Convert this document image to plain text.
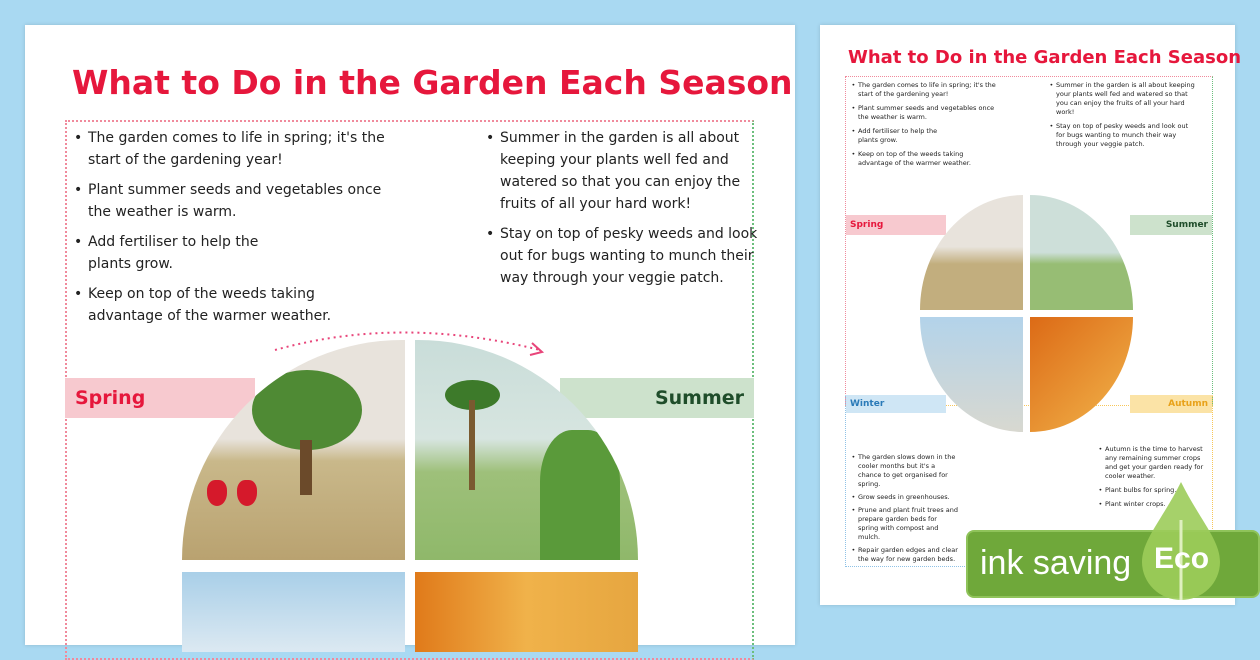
What to Do in the Garden Each Season
• The garden comes to life in spring; it's the start of the gardening year!
• Plant summer seeds and vegetables once the weather is warm.
• Add fertiliser to help the plants grow.
• Keep on top of the weeds taking advantage of the warmer weather.
• Summer in the garden is all about keeping your plants well fed and watered so that you can enjoy the fruits of all your hard work!
• Stay on top of pesky weeds and look out for bugs wanting to munch their way through your veggie patch.
Spring	Summer
What to Do in the Garden Each Season
• The garden comes to life in spring; it's the start of the gardening year!
• Plant summer seeds and vegetables once the weather is warm.
• Add fertiliser to help the plants grow.
• Keep on top of the weeds taking advantage of the warmer weather.
• Summer in the garden is all about keeping your plants well fed and watered so that you can enjoy the fruits of all your hard work!
• Stay on top of pesky weeds and look out for bugs wanting to munch their way through your veggie patch.
Spring	Summer
Winter	Autumn
• The garden slows down in the cooler months but it's a chance to get organised for spring.
• Grow seeds in greenhouses.
• Prune and plant fruit trees and prepare garden beds for spring with compost and mulch.
• Repair garden edges and clear the way for new garden beds.
• Autumn is the time to harvest any remaining summer crops and get your garden ready for cooler weather.
• Plant bulbs for spring.
• Plant winter crops.
ink saving Eco
